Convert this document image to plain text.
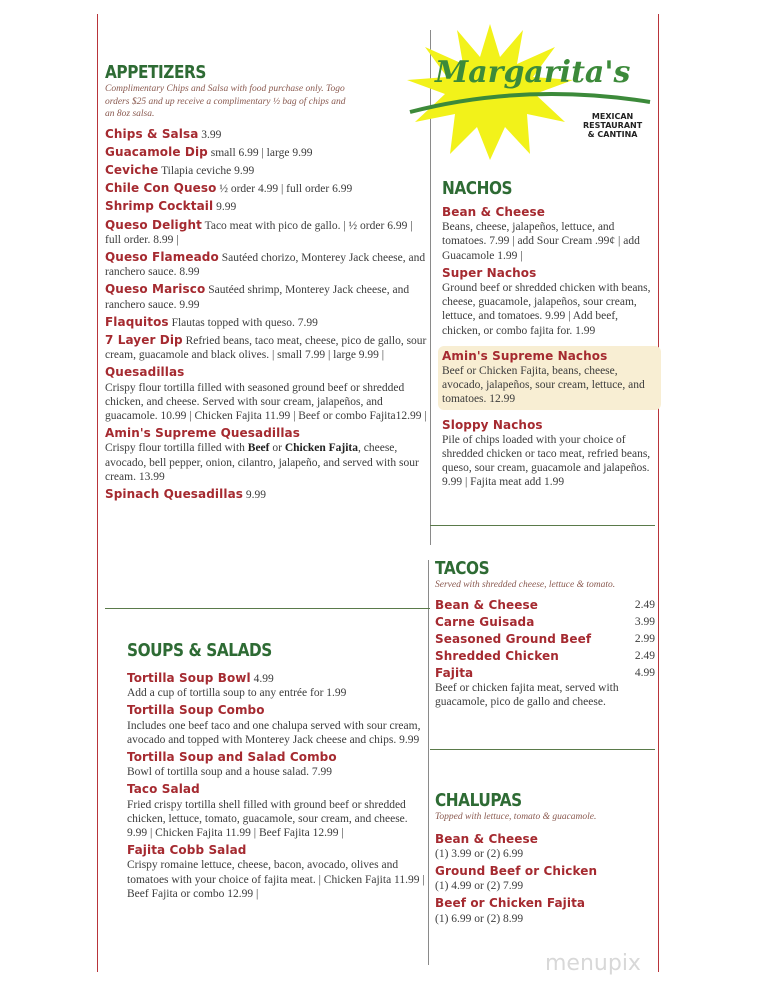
Margarita's
MEXICAN
RESTAURANT
& CANTINA
APPETIZERS
Complimentary Chips and Salsa with food purchase only. Togo orders $25 and up receive a complimentary ½ bag of chips and an 8oz salsa.
Chips & Salsa 3.99
Guacamole Dip small 6.99 | large 9.99
Ceviche Tilapia ceviche 9.99
Chile Con Queso ½ order 4.99 | full order 6.99
Shrimp Cocktail 9.99
Queso Delight Taco meat with pico de gallo. | ½ order 6.99 | full order. 8.99 |
Queso Flameado Sautéed chorizo, Monterey Jack cheese, and ranchero sauce. 8.99
Queso Marisco Sautéed shrimp, Monterey Jack cheese, and ranchero sauce. 9.99
Flaquitos Flautas topped with queso. 7.99
7 Layer Dip Refried beans, taco meat, cheese, pico de gallo, sour cream, guacamole and black olives. | small 7.99 | large 9.99 |
Quesadillas
Crispy flour tortilla filled with seasoned ground beef or shredded chicken, and cheese. Served with sour cream, jalapeños, and guacamole. 10.99 | Chicken Fajita 11.99 | Beef or combo Fajita12.99 |
Amin's Supreme Quesadillas
Crispy flour tortilla filled with Beef or Chicken Fajita, cheese, avocado, bell pepper, onion, cilantro, jalapeño, and served with sour cream. 13.99
Spinach Quesadillas 9.99
NACHOS
Bean & Cheese
Beans, cheese, jalapeños, lettuce, and tomatoes. 7.99 | add Sour Cream .99¢ | add Guacamole 1.99 |
Super Nachos
Ground beef or shredded chicken with beans, cheese, guacamole, jalapeños, sour cream, lettuce, and tomatoes. 9.99 | Add beef, chicken, or combo fajita for. 1.99
Amin's Supreme Nachos
Beef or Chicken Fajita, beans, cheese, avocado, jalapeños, sour cream, lettuce, and tomatoes. 12.99
Sloppy Nachos
Pile of chips loaded with your choice of shredded chicken or taco meat, refried beans, queso, sour cream, guacamole and jalapeños. 9.99 | Fajita meat add 1.99
TACOS
Served with shredded cheese, lettuce & tomato.
Bean & Cheese	2.49
Carne Guisada	3.99
Seasoned Ground Beef	2.99
Shredded Chicken	2.49
Fajita	4.99
Beef or chicken fajita meat, served with guacamole, pico de gallo and cheese.
CHALUPAS
Topped with lettuce, tomato & guacamole.
Bean & Cheese
(1) 3.99 or (2) 6.99
Ground Beef or Chicken
(1) 4.99 or (2) 7.99
Beef or Chicken Fajita
(1) 6.99 or (2) 8.99
SOUPS & SALADS
Tortilla Soup Bowl 4.99
Add a cup of tortilla soup to any entrée for 1.99
Tortilla Soup Combo
Includes one beef taco and one chalupa served with sour cream, avocado and topped with Monterey Jack cheese and chips. 9.99
Tortilla Soup and Salad Combo
Bowl of tortilla soup and a house salad. 7.99
Taco Salad
Fried crispy tortilla shell filled with ground beef or shredded chicken, lettuce, tomato, guacamole, sour cream, and cheese. 9.99 | Chicken Fajita 11.99 | Beef Fajita 12.99 |
Fajita Cobb Salad
Crispy romaine lettuce, cheese, bacon, avocado, olives and tomatoes with your choice of fajita meat. | Chicken Fajita 11.99 | Beef Fajita or combo 12.99 |
menupix
